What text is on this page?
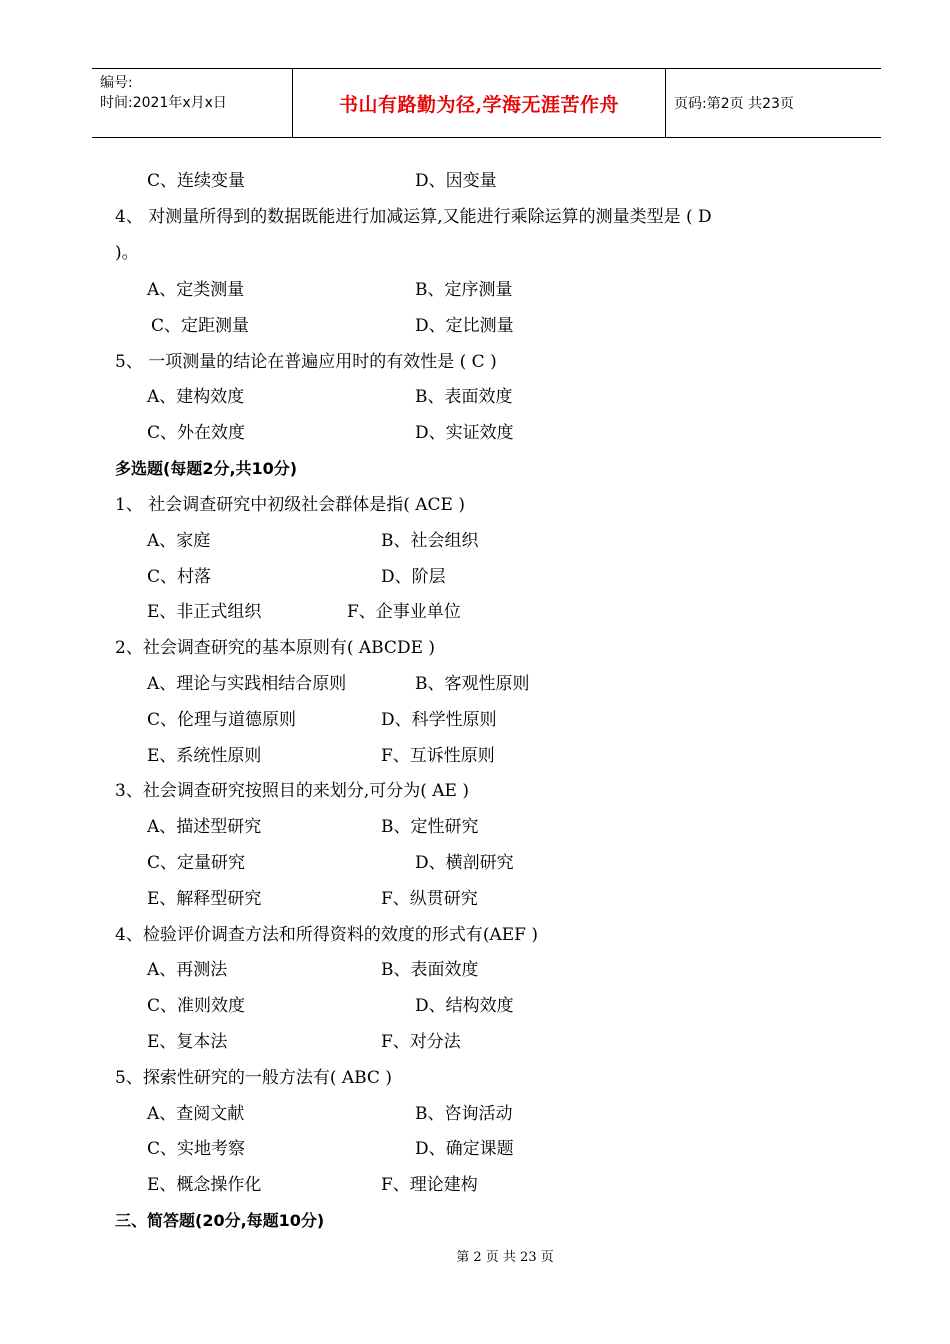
编号:
时间:2021年x月x日	书山有路勤为径,学海无涯苦作舟	页码:第2页 共23页
C、连续变量	D、因变量
4、 对测量所得到的数据既能进行加减运算,又能进行乘除运算的测量类型是 ( D
)。
A、定类测量	B、定序测量
C、定距测量	D、定比测量
5、 一项测量的结论在普遍应用时的有效性是 ( C )
A、建构效度	B、表面效度
C、外在效度	D、实证效度
多选题(每题2分,共10分)
1、 社会调查研究中初级社会群体是指( ACE )
A、家庭	B、社会组织
C、村落	D、阶层
E、非正式组织	F、企事业单位
2、社会调查研究的基本原则有( ABCDE )
A、理论与实践相结合原则	B、客观性原则
C、伦理与道德原则	D、科学性原则
E、系统性原则	F、互诉性原则
3、社会调查研究按照目的来划分,可分为( AE )
A、描述型研究	B、定性研究
C、定量研究	D、横剖研究
E、解释型研究	F、纵贯研究
4、检验评价调查方法和所得资料的效度的形式有(AEF )
A、再测法	B、表面效度
C、准则效度	D、结构效度
E、复本法	F、对分法
5、探索性研究的一般方法有( ABC )
A、查阅文献	B、咨询活动
C、实地考察	D、确定课题
E、概念操作化	F、理论建构
三、简答题(20分,每题10分)
第 2 页 共 23 页
